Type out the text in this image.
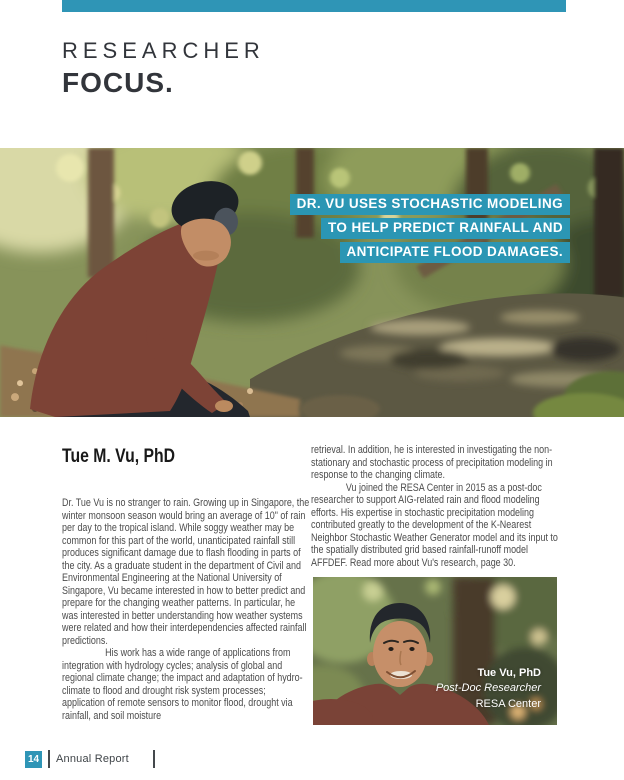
RESEARCHER
FOCUS.
DR. VU USES STOCHASTIC MODELING
TO HELP PREDICT RAINFALL AND
ANTICIPATE FLOOD DAMAGES.
Tue M. Vu, PhD

Dr. Tue Vu is no stranger to rain. Growing up in Singapore, the winter monsoon season would bring an average of 10" of rain per day to the tropical island. While soggy weather may be common for this part of the world, unanticipated rainfall still produces significant damage due to flash flooding in parts of the city. As a graduate student in the department of Civil and Environmental Engineering at the National University of Singapore, Vu became interested in how to better predict and prepare for the changing weather patterns. In particular, he was interested in better understanding how weather systems were related and how their interdependencies affected rainfall predictions.

His work has a wide range of applications from integration with hydrology cycles; analysis of global and regional climate change; the impact and adaptation of hydro-climate to flood and drought risk system processes; application of remote sensors to monitor flood, drought via rainfall, and soil moisture

retrieval. In addition, he is interested in investigating the non-stationary and stochastic process of precipitation modeling in response to the changing climate.

Vu joined the RESA Center in 2015 as a post-doc researcher to support AIG-related rain and flood modeling efforts. His expertise in stochastic precipitation modeling contributed greatly to the development of the K-Nearest Neighbor Stochastic Weather Generator model and its input to the spatially distributed grid based rainfall-runoff model AFFDEF. Read more about Vu's research, page 30.

Tue Vu, PhD
Post-Doc Researcher
RESA Center
14 Annual Report
